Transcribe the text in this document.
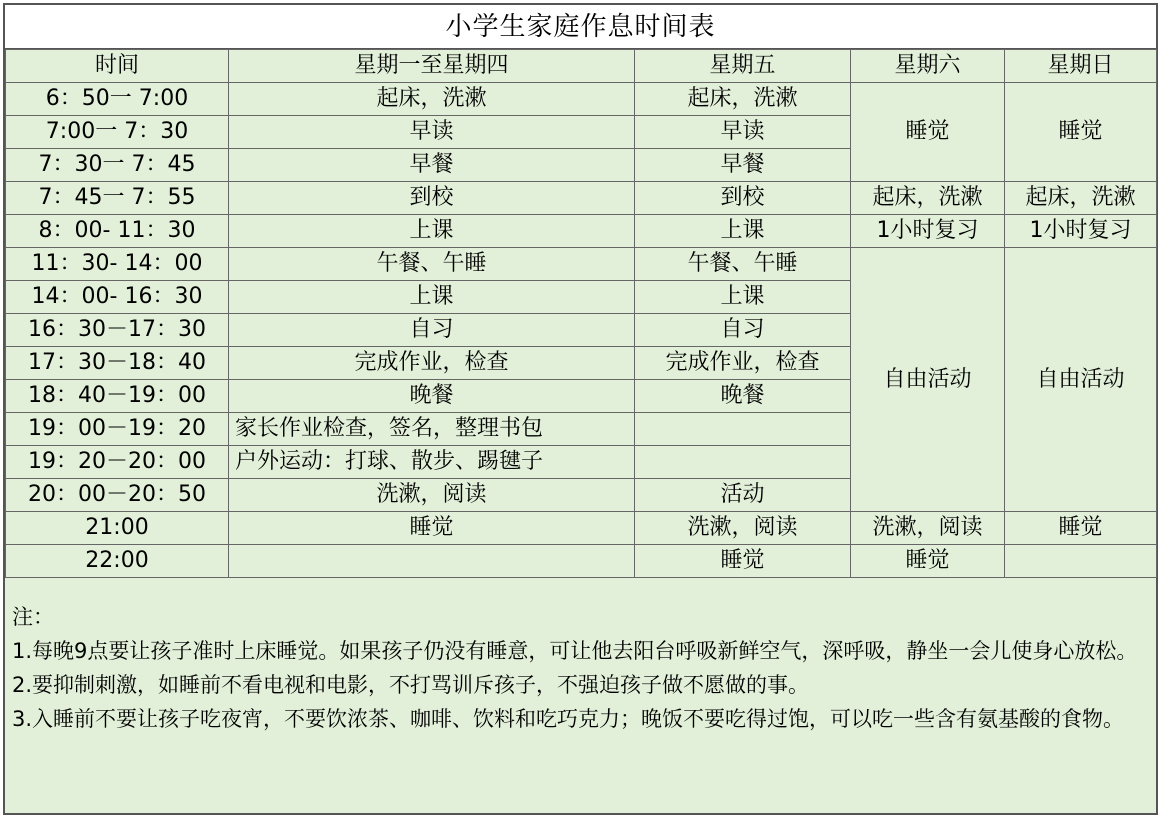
小学生家庭作息时间表
时间	星期一至星期四	星期五	星期六	星期日
6：50一 7:00	起床，洗漱	起床，洗漱	睡觉	睡觉
7:00一 7：30	早读	早读		
7：30一 7：45	早餐	早餐		
7：45一 7：55	到校	到校	起床，洗漱	起床，洗漱
8：00- 11：30	上课	上课	1小时复习	1小时复习
11：30- 14：00	午餐、午睡	午餐、午睡	自由活动	自由活动
14：00- 16：30	上课	上课		
16：30－17：30	自习	自习		
17：30－18：40	完成作业，检查	完成作业，检查		
18：40－19：00	晚餐	晚餐		
19：00－19：20	家长作业检查，签名，整理书包			
19：20－20：00	户外运动：打球、散步、踢毽子			
20：00－20：50	洗漱，阅读	活动		
21:00	睡觉	洗漱，阅读	洗漱，阅读	睡觉
22:00		睡觉	睡觉	

注：

1.每晚9点要让孩子准时上床睡觉。如果孩子仍没有睡意，可让他去阳台呼吸新鲜空气，深呼吸，静坐一会儿使身心放松。

2.要抑制刺激，如睡前不看电视和电影，不打骂训斥孩子，不强迫孩子做不愿做的事。

3.入睡前不要让孩子吃夜宵，不要饮浓茶、咖啡、饮料和吃巧克力；晚饭不要吃得过饱，可以吃一些含有氨基酸的食物。
